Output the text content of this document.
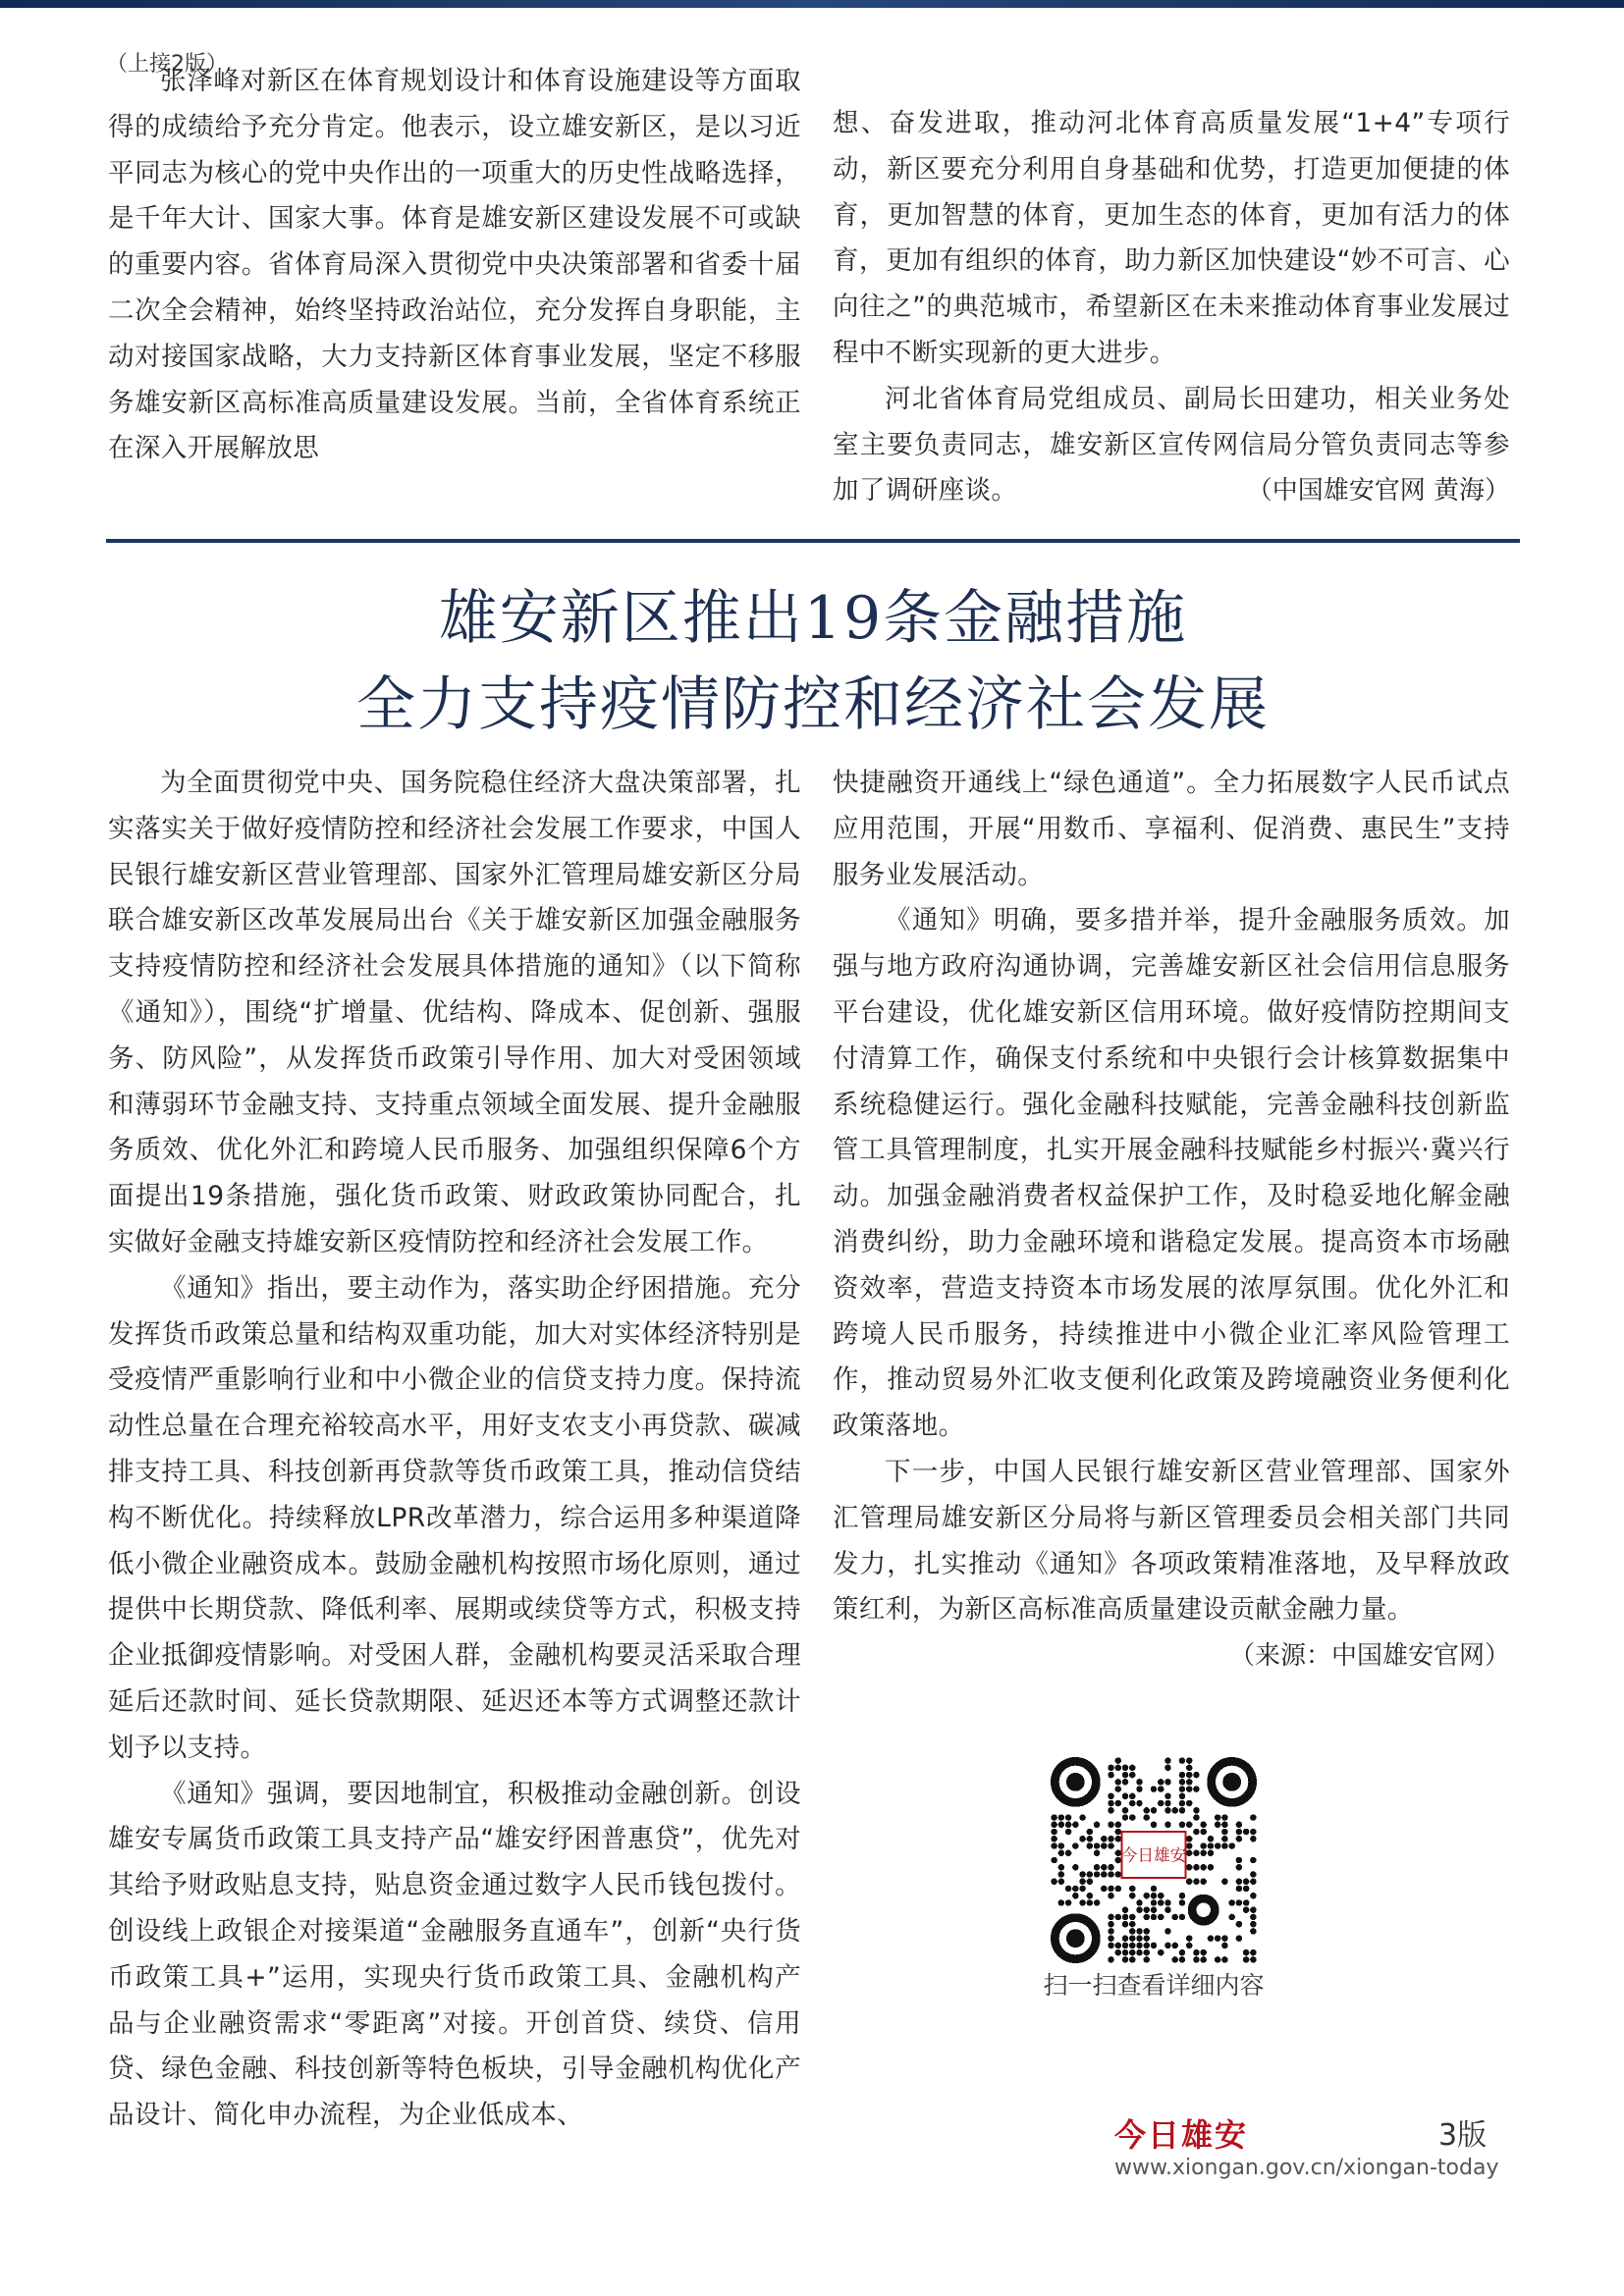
（上接2版）

张泽峰对新区在体育规划设计和体育设施建设等方面取得的成绩给予充分肯定。他表示，设立雄安新区，是以习近平同志为核心的党中央作出的一项重大的历史性战略选择，是千年大计、国家大事。体育是雄安新区建设发展不可或缺的重要内容。省体育局深入贯彻党中央决策部署和省委十届二次全会精神，始终坚持政治站位，充分发挥自身职能，主动对接国家战略，大力支持新区体育事业发展，坚定不移服务雄安新区高标准高质量建设发展。当前，全省体育系统正在深入开展解放思

想、奋发进取，推动河北体育高质量发展“1+4”专项行动，新区要充分利用自身基础和优势，打造更加便捷的体育，更加智慧的体育，更加生态的体育，更加有活力的体育，更加有组织的体育，助力新区加快建设“妙不可言、心向往之”的典范城市，希望新区在未来推动体育事业发展过程中不断实现新的更大进步。

河北省体育局党组成员、副局长田建功，相关业务处室主要负责同志，雄安新区宣传网信局分管负责同志等参加了调研座谈。	（中国雄安官网 黄海）
雄安新区推出19条金融措施
全力支持疫情防控和经济社会发展

为全面贯彻党中央、国务院稳住经济大盘决策部署，扎实落实关于做好疫情防控和经济社会发展工作要求，中国人民银行雄安新区营业管理部、国家外汇管理局雄安新区分局联合雄安新区改革发展局出台《关于雄安新区加强金融服务　支持疫情防控和经济社会发展具体措施的通知》（以下简称《通知》），围绕“扩增量、优结构、降成本、促创新、强服务、防风险”，从发挥货币政策引导作用、加大对受困领域和薄弱环节金融支持、支持重点领域全面发展、提升金融服务质效、优化外汇和跨境人民币服务、加强组织保障6个方面提出19条措施，强化货币政策、财政政策协同配合，扎实做好金融支持雄安新区疫情防控和经济社会发展工作。

《通知》指出，要主动作为，落实助企纾困措施。充分发挥货币政策总量和结构双重功能，加大对实体经济特别是受疫情严重影响行业和中小微企业的信贷支持力度。保持流动性总量在合理充裕较高水平，用好支农支小再贷款、碳减排支持工具、科技创新再贷款等货币政策工具，推动信贷结构不断优化。持续释放LPR改革潜力，综合运用多种渠道降低小微企业融资成本。鼓励金融机构按照市场化原则，通过提供中长期贷款、降低利率、展期或续贷等方式，积极支持企业抵御疫情影响。对受困人群，金融机构要灵活采取合理延后还款时间、延长贷款期限、延迟还本等方式调整还款计划予以支持。

《通知》强调，要因地制宜，积极推动金融创新。创设雄安专属货币政策工具支持产品“雄安纾困普惠贷”，优先对其给予财政贴息支持，贴息资金通过数字人民币钱包拨付。创设线上政银企对接渠道“金融服务直通车”，创新“央行货币政策工具+”运用，实现央行货币政策工具、金融机构产品与企业融资需求“零距离”对接。开创首贷、续贷、信用贷、绿色金融、科技创新等特色板块，引导金融机构优化产品设计、简化申办流程，为企业低成本、

快捷融资开通线上“绿色通道”。全力拓展数字人民币试点应用范围，开展“用数币、享福利、促消费、惠民生”支持服务业发展活动。

《通知》明确，要多措并举，提升金融服务质效。加强与地方政府沟通协调，完善雄安新区社会信用信息服务平台建设，优化雄安新区信用环境。做好疫情防控期间支付清算工作，确保支付系统和中央银行会计核算数据集中系统稳健运行。强化金融科技赋能，完善金融科技创新监管工具管理制度，扎实开展金融科技赋能乡村振兴·冀兴行动。加强金融消费者权益保护工作，及时稳妥地化解金融消费纠纷，助力金融环境和谐稳定发展。提高资本市场融资效率，营造支持资本市场发展的浓厚氛围。优化外汇和跨境人民币服务，持续推进中小微企业汇率风险管理工作，推动贸易外汇收支便利化政策及跨境融资业务便利化政策落地。

下一步，中国人民银行雄安新区营业管理部、国家外汇管理局雄安新区分局将与新区管理委员会相关部门共同发力，扎实推动《通知》各项政策精准落地，及早释放政策红利，为新区高标准高质量建设贡献金融力量。

（来源：中国雄安官网）
今日雄安
扫一扫查看详细内容
今日雄安	3版
www.xiongan.gov.cn/xiongan-today
